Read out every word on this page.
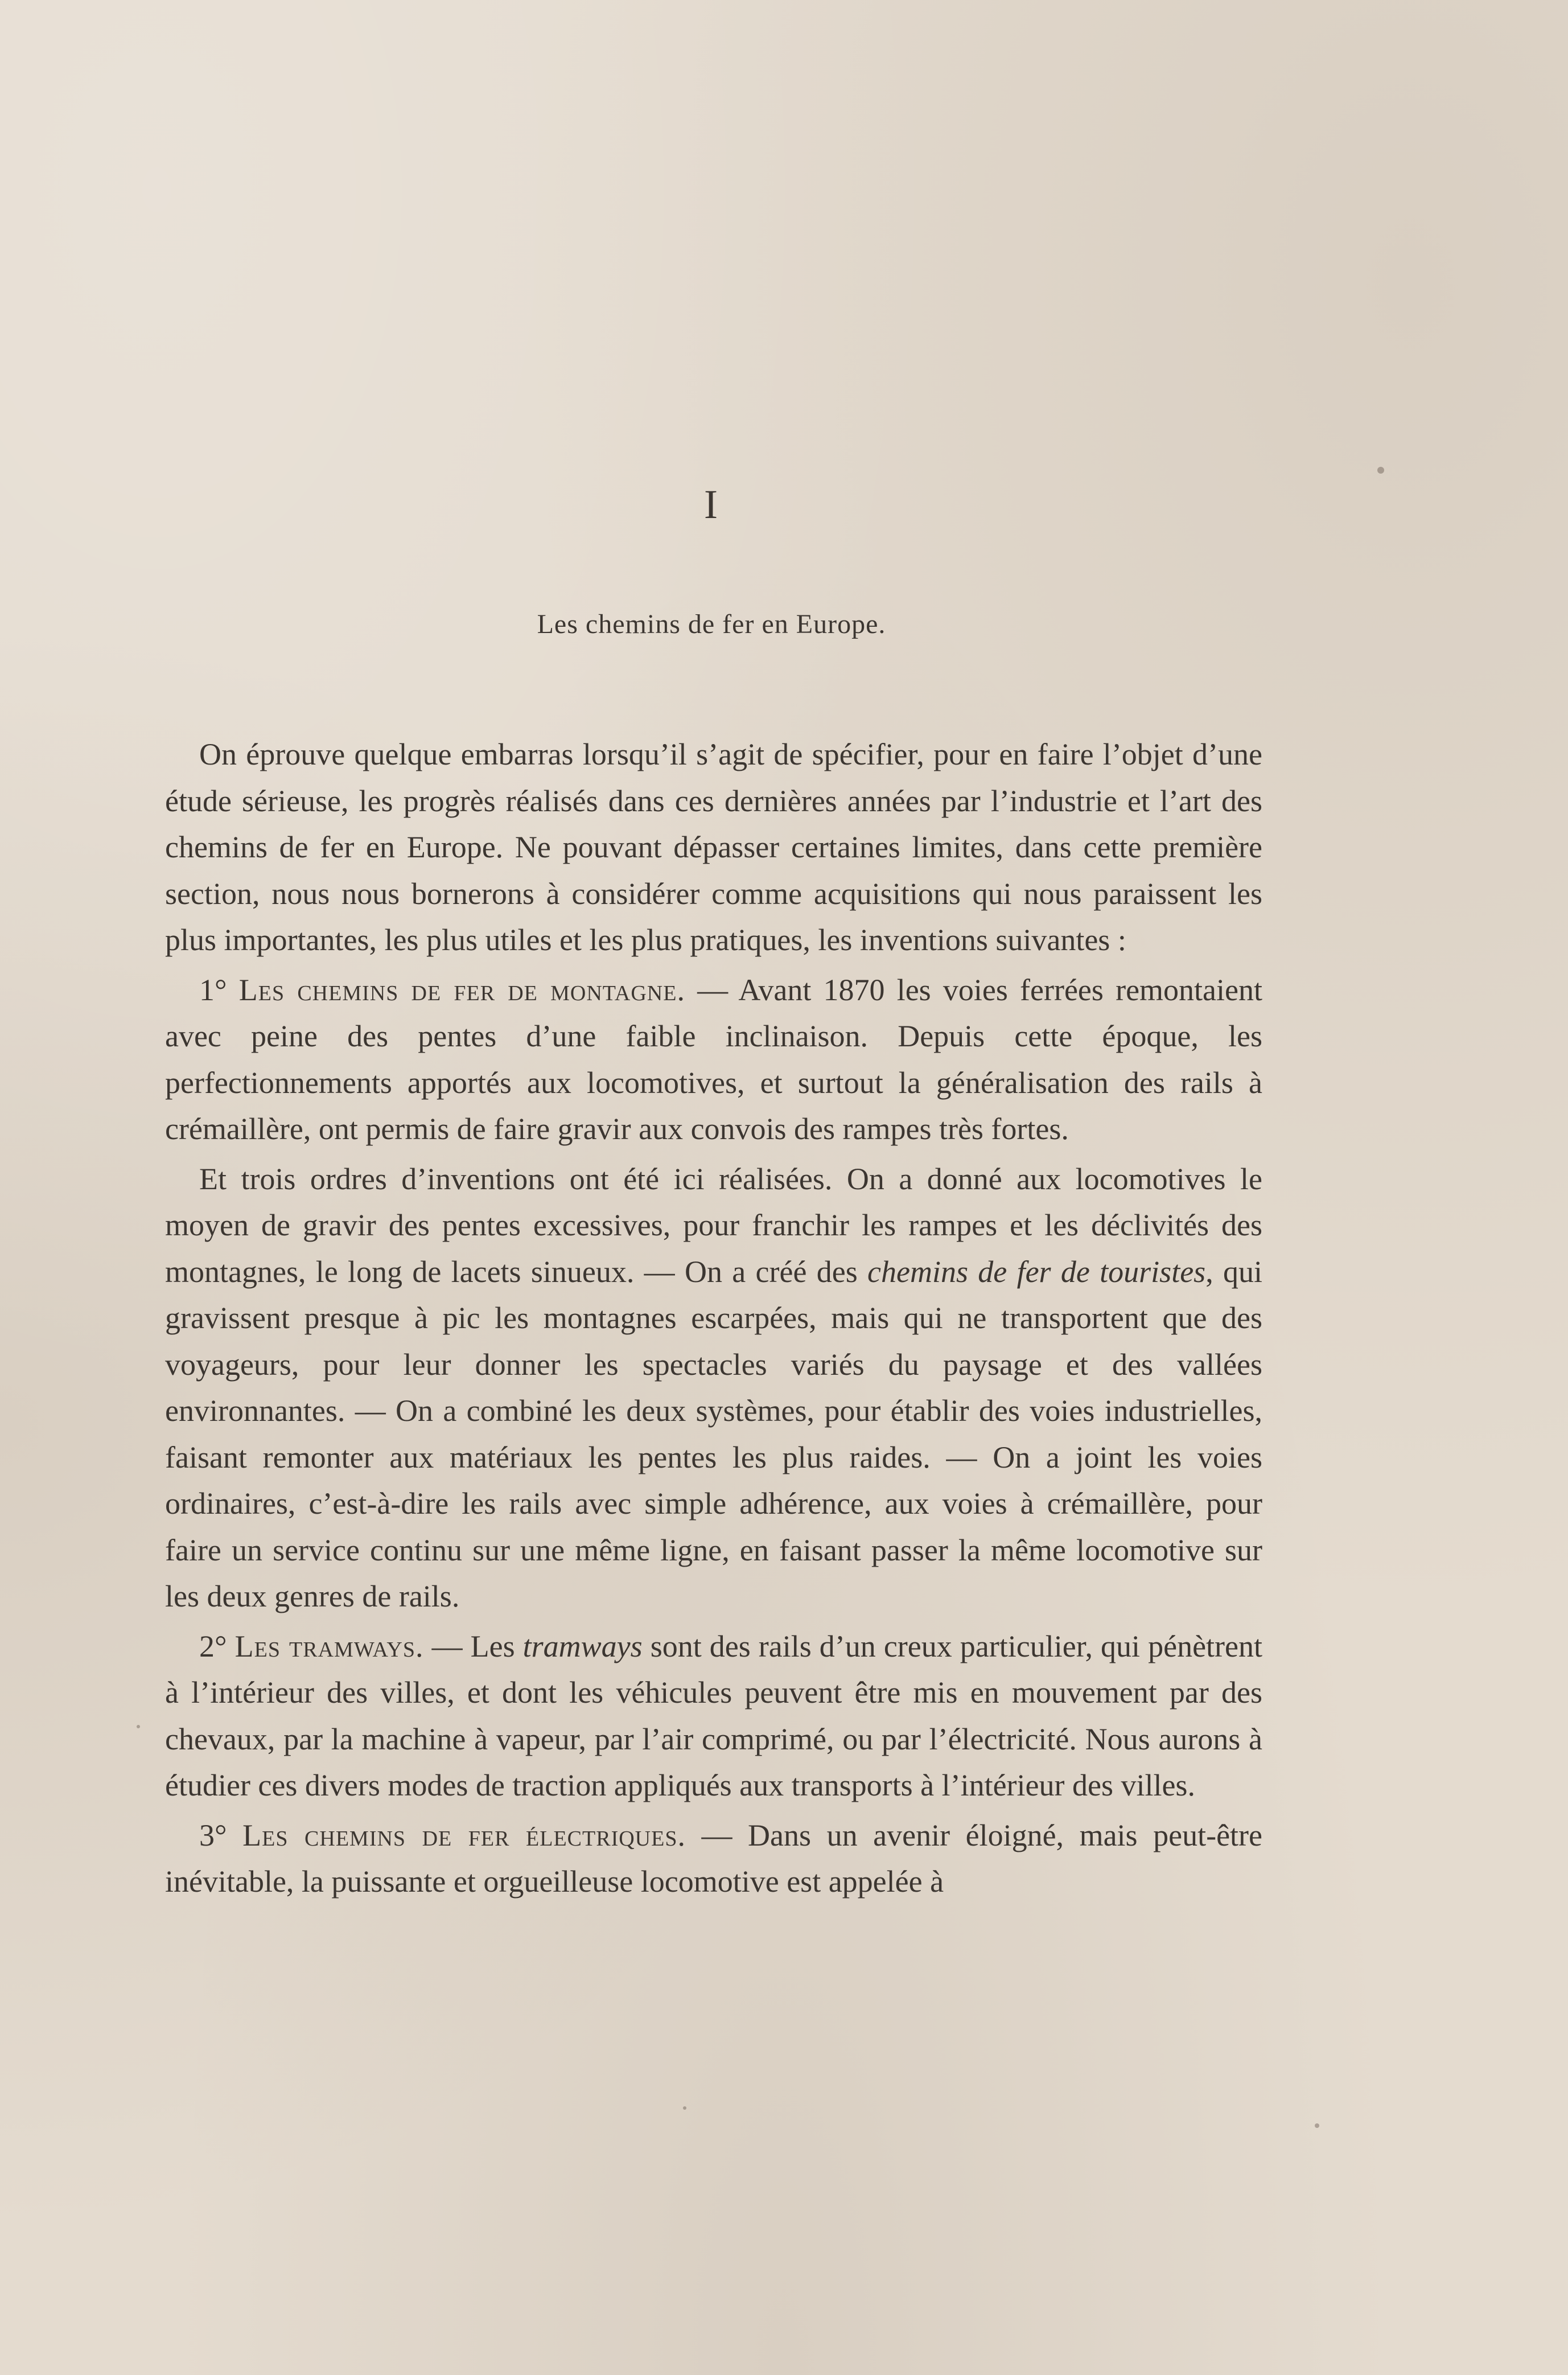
I
Les chemins de fer en Europe.

On éprouve quelque embarras lorsqu’il s’agit de spécifier, pour en faire l’objet d’une étude sérieuse, les progrès réalisés dans ces dernières années par l’industrie et l’art des chemins de fer en Europe. Ne pouvant dépasser certaines limites, dans cette première section, nous nous bornerons à considérer comme acquisitions qui nous paraissent les plus importantes, les plus utiles et les plus pratiques, les inventions suivantes :

1° Les chemins de fer de montagne. — Avant 1870 les voies ferrées remontaient avec peine des pentes d’une faible inclinaison. Depuis cette époque, les perfectionnements apportés aux locomotives, et surtout la généralisation des rails à crémaillère, ont permis de faire gravir aux convois des rampes très fortes.

Et trois ordres d’inventions ont été ici réalisées. On a donné aux locomotives le moyen de gravir des pentes excessives, pour franchir les rampes et les déclivités des montagnes, le long de lacets sinueux. — On a créé des chemins de fer de touristes, qui gravissent presque à pic les montagnes escarpées, mais qui ne transportent que des voyageurs, pour leur donner les spectacles variés du paysage et des vallées environnantes. — On a combiné les deux systèmes, pour établir des voies industrielles, faisant remonter aux matériaux les pentes les plus raides. — On a joint les voies ordinaires, c’est-à-dire les rails avec simple adhérence, aux voies à crémaillère, pour faire un service continu sur une même ligne, en faisant passer la même locomotive sur les deux genres de rails.

2° Les tramways. — Les tramways sont des rails d’un creux particulier, qui pénètrent à l’intérieur des villes, et dont les véhicules peuvent être mis en mouvement par des chevaux, par la machine à vapeur, par l’air comprimé, ou par l’électricité. Nous aurons à étudier ces divers modes de traction appliqués aux transports à l’intérieur des villes.

3° Les chemins de fer électriques. — Dans un avenir éloigné, mais peut-être inévitable, la puissante et orgueilleuse locomotive est appelée à
